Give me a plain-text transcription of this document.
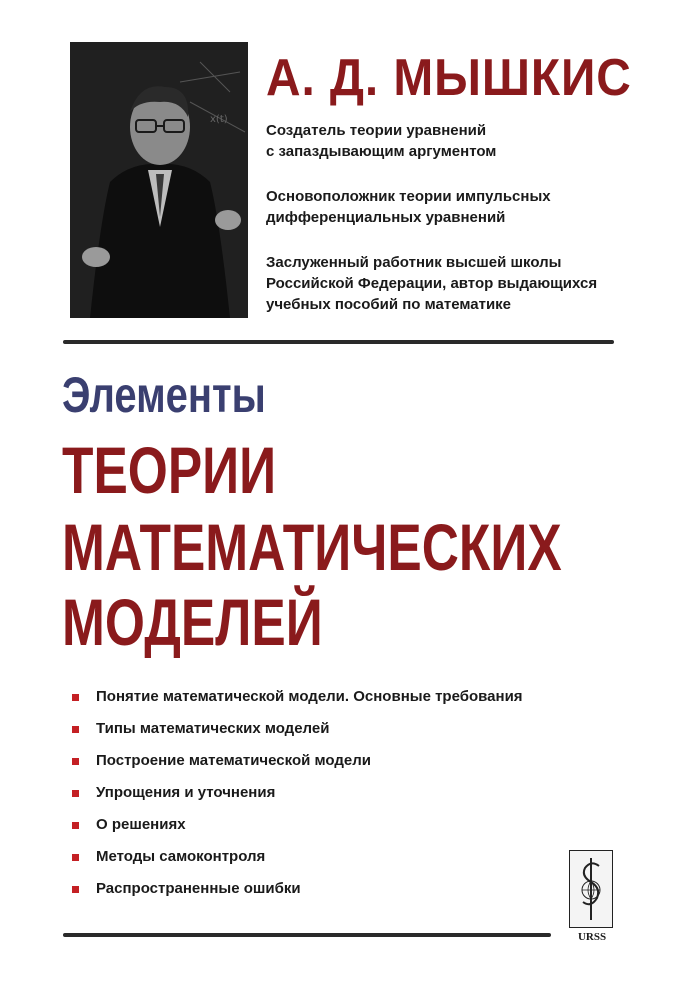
x(t)
А. Д. МЫШКИС

Создатель теории уравнений

с запаздывающим аргументом

Основоположник теории импульсных

дифференциальных уравнений

Заслуженный работник высшей школы

Российской Федерации, автор выдающихся

учебных пособий по математике

Элементы
ТЕОРИИ
МАТЕМАТИЧЕСКИХ
МОДЕЛЕЙ
Понятие математической модели. Основные требования
Типы математических моделей
Построение математической модели
Упрощения и уточнения
О решениях
Методы самоконтроля
Распространенные ошибки
URSS
